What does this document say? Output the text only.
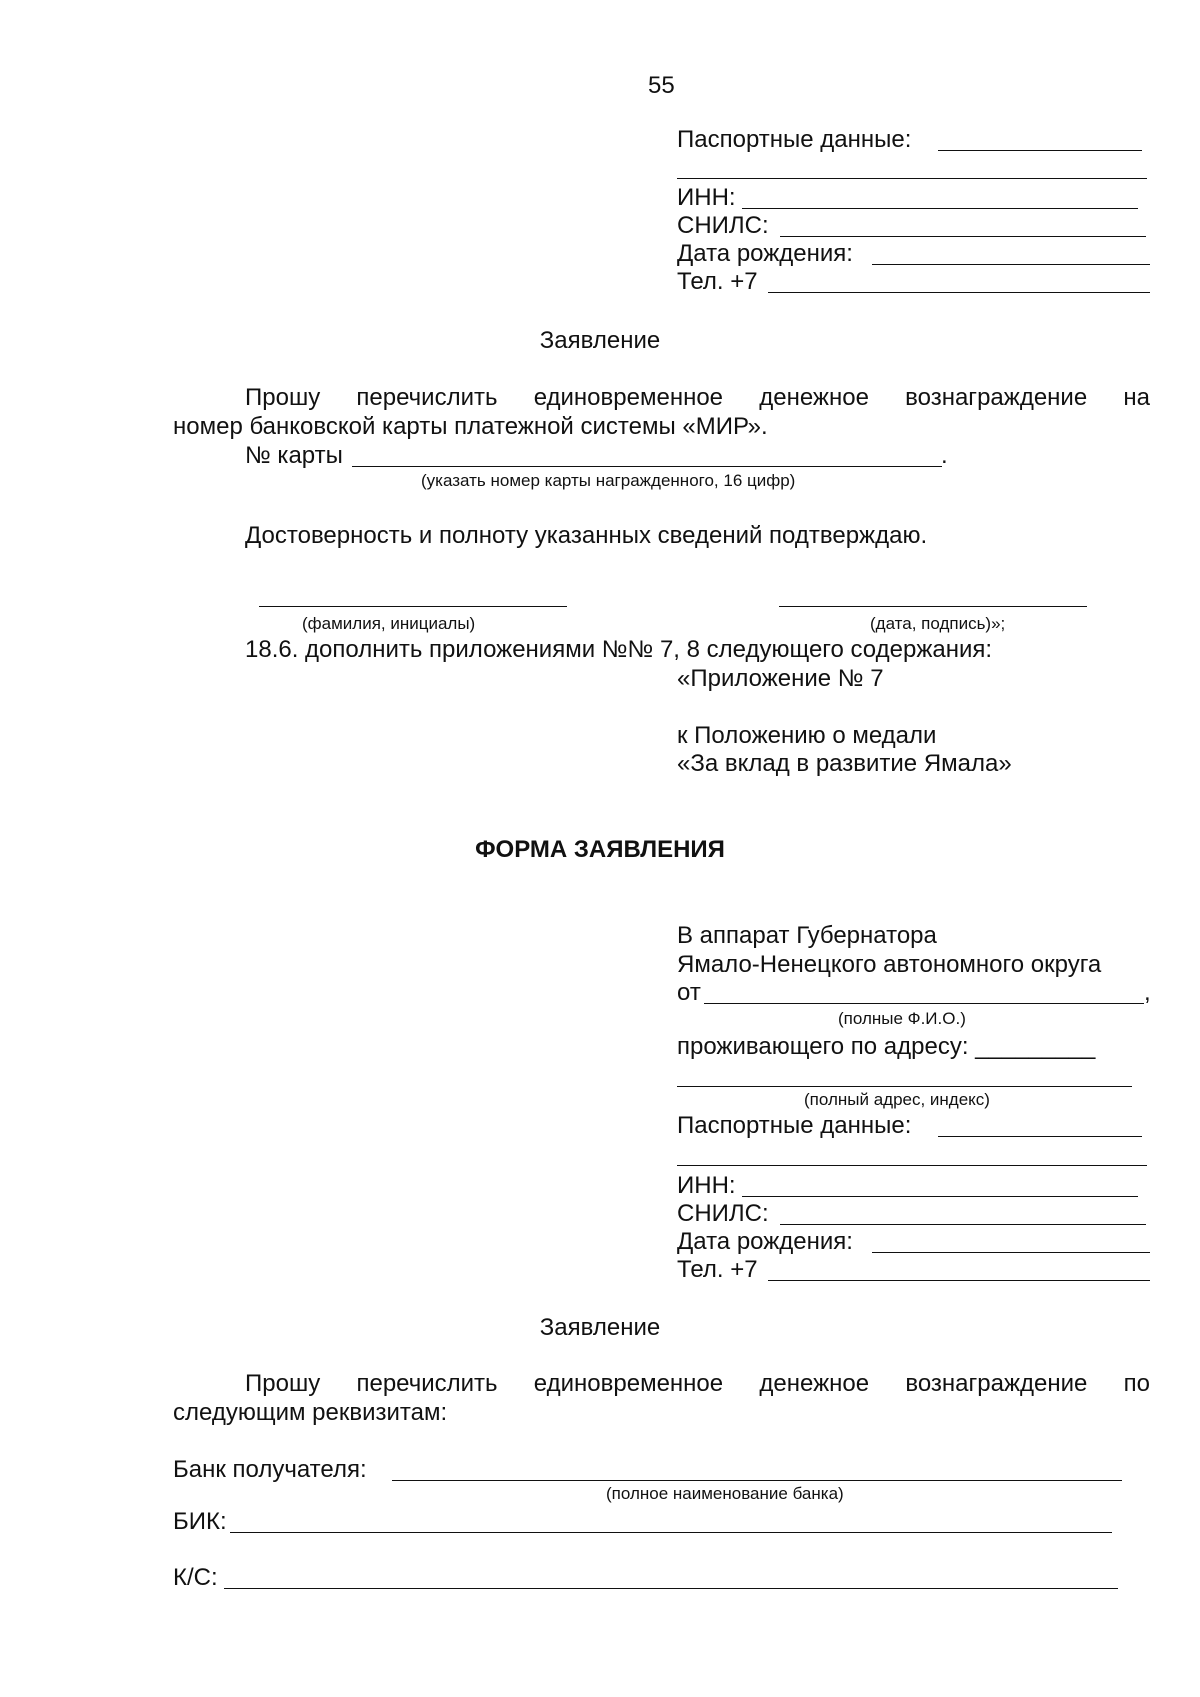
55
Паспортные данные:
ИНН:
СНИЛС:
Дата рождения:
Тел. +7
Заявление
Прошу перечислить единовременное денежное вознаграждение на
номер банковской карты платежной системы «МИР».
№ карты	.
(указать номер карты награжденного, 16 цифр)
Достоверность и полноту указанных сведений подтверждаю.
(фамилия, инициалы)	(дата, подпись)»;
18.6. дополнить приложениями №№ 7, 8 следующего содержания:
«Приложение № 7
к Положению о медали
«За вклад в развитие Ямала»
ФОРМА ЗАЯВЛЕНИЯ
В аппарат Губернатора
Ямало-Ненецкого автономного округа
от	,
(полные Ф.И.О.)
проживающего по адресу: _________
(полный адрес, индекс)
Паспортные данные:
ИНН:
СНИЛС:
Дата рождения:
Тел. +7
Заявление
Прошу перечислить единовременное денежное вознаграждение по
следующим реквизитам:
Банк получателя:
(полное наименование банка)
БИК:
К/С:
